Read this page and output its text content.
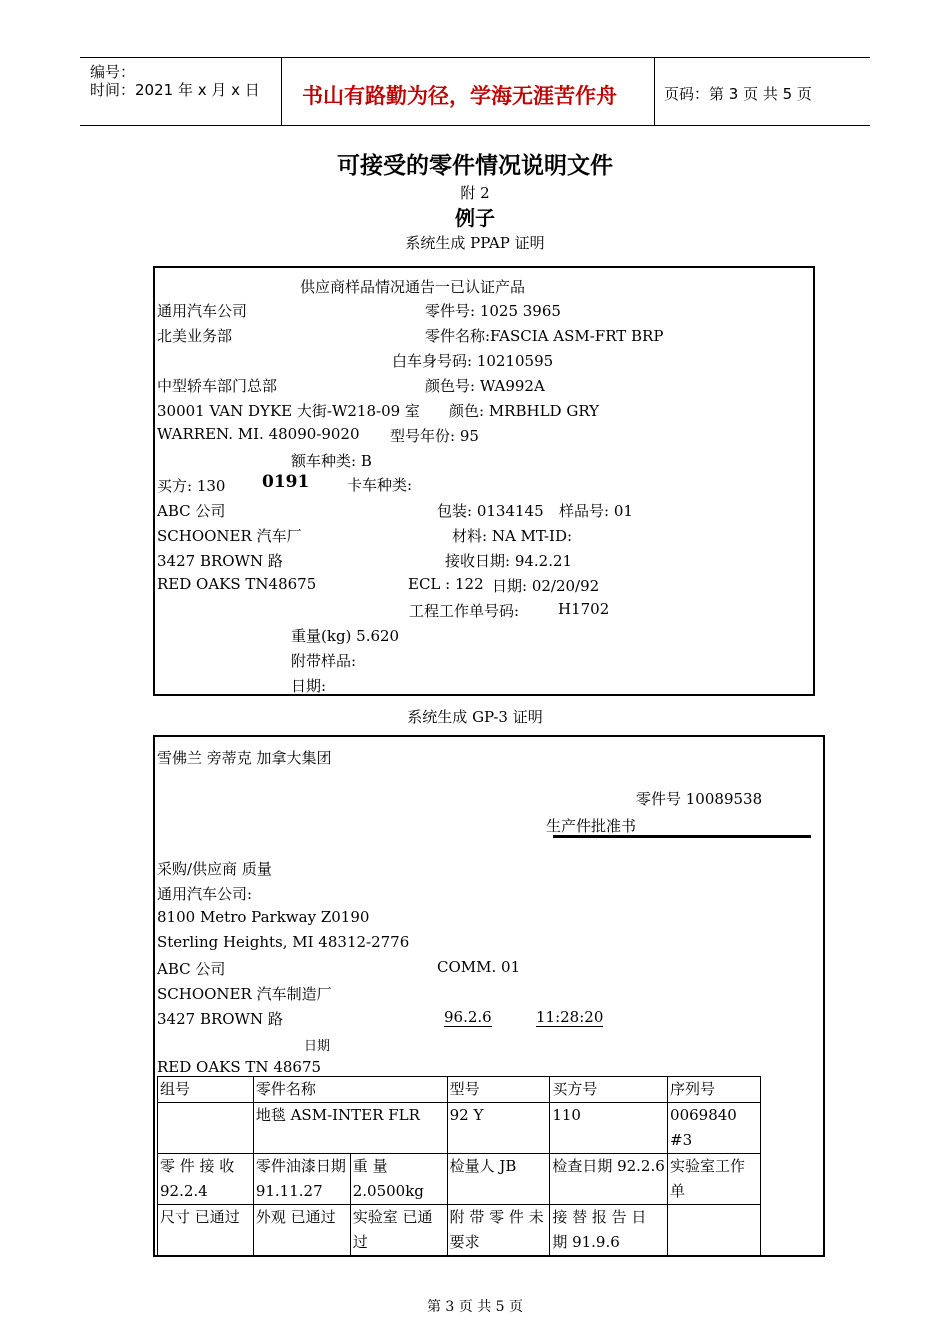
编号：
时间：2021 年 x 月 x 日 书山有路勤为径，学海无涯苦作舟	页码：第 3 页 共 5 页
可接受的零件情况说明文件
附 2
例子
系统生成 PPAP 证明
供应商样品情况通告一已认证产品
通用汽车公司	零件号: 1025 3965
北美业务部	零件名称:FASCIA ASM-FRT BRP
白车身号码: 10210595
中型轿车部门总部	颜色号: WA992A
30001 VAN DYKE 大街-W218-09 室 颜色: MRBHLD GRY
WARREN. MI. 48090-9020 型号年份: 95
额车种类: B
买方: 130 0191	卡车种类:
ABC 公司	包装: 0134145 样品号: 01
SCHOONER 汽车厂	材料: NA MT-ID:
3427 BROWN 路	接收日期: 94.2.21
RED OAKS TN48675	ECL : 122 日期: 02/20/92
工程工作单号码:	H1702
重量(kg) 5.620
附带样品:
日期:
系统生成 GP-3 证明
雪佛兰 旁蒂克 加拿大集团
零件号 10089538
生产件批准书
采购/供应商 质量
通用汽车公司:
8100 Metro Parkway Z0190
Sterling Heights, MI 48312-2776
ABC 公司	COMM. 01
SCHOONER 汽车制造厂
3427 BROWN 路	96.2.6	11:28:20
日期
RED OAKS TN 48675
组号	零件名称		型号	买方号	序列号
	地毯 ASM-INTER FLR		92 Y	110	0069840 #3
零 件 接 收 92.2.4	零件油漆日期 91.11.27	重 量 2.0500kg	检量人 JB	检查日期 92.2.6	实验室工作单
尺寸 已通过	外观 已通过	实验室 已通过	附 带 零 件 未 要求	接 替 报 告 日 期 91.9.6	
第 3 页 共 5 页
